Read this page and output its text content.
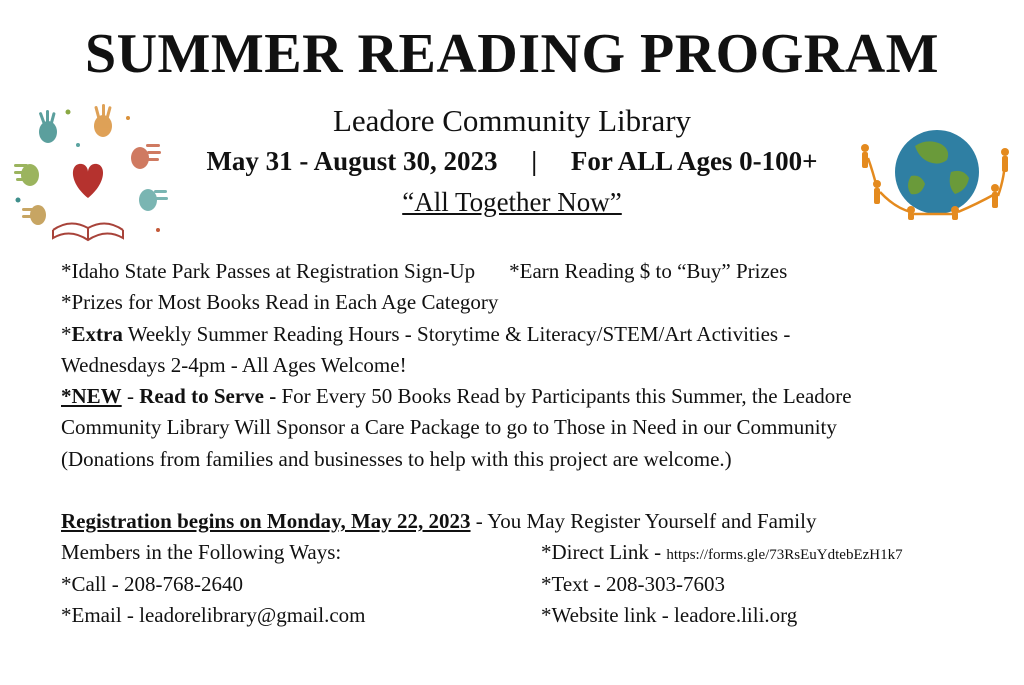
SUMMER READING PROGRAM
Leadore Community Library
May 31 - August 30, 2023 | For ALL Ages 0-100+
“All Together Now”
*Idaho State Park Passes at Registration Sign-Up *Earn Reading $ to “Buy” Prizes
*Prizes for Most Books Read in Each Age Category
*Extra Weekly Summer Reading Hours - Storytime & Literacy/STEM/Art Activities -
Wednesdays 2-4pm - All Ages Welcome!
*NEW - Read to Serve - For Every 50 Books Read by Participants this Summer, the Leadore
Community Library Will Sponsor a Care Package to go to Those in Need in our Community
(Donations from families and businesses to help with this project are welcome.)
Registration begins on Monday, May 22, 2023 - You May Register Yourself and Family
Members in the Following Ways:	*Direct Link - https://forms.gle/73RsEuYdtebEzH1k7
*Call - 208-768-2640	*Text - 208-303-7603
*Email - leadorelibrary@gmail.com	*Website link - leadore.lili.org
